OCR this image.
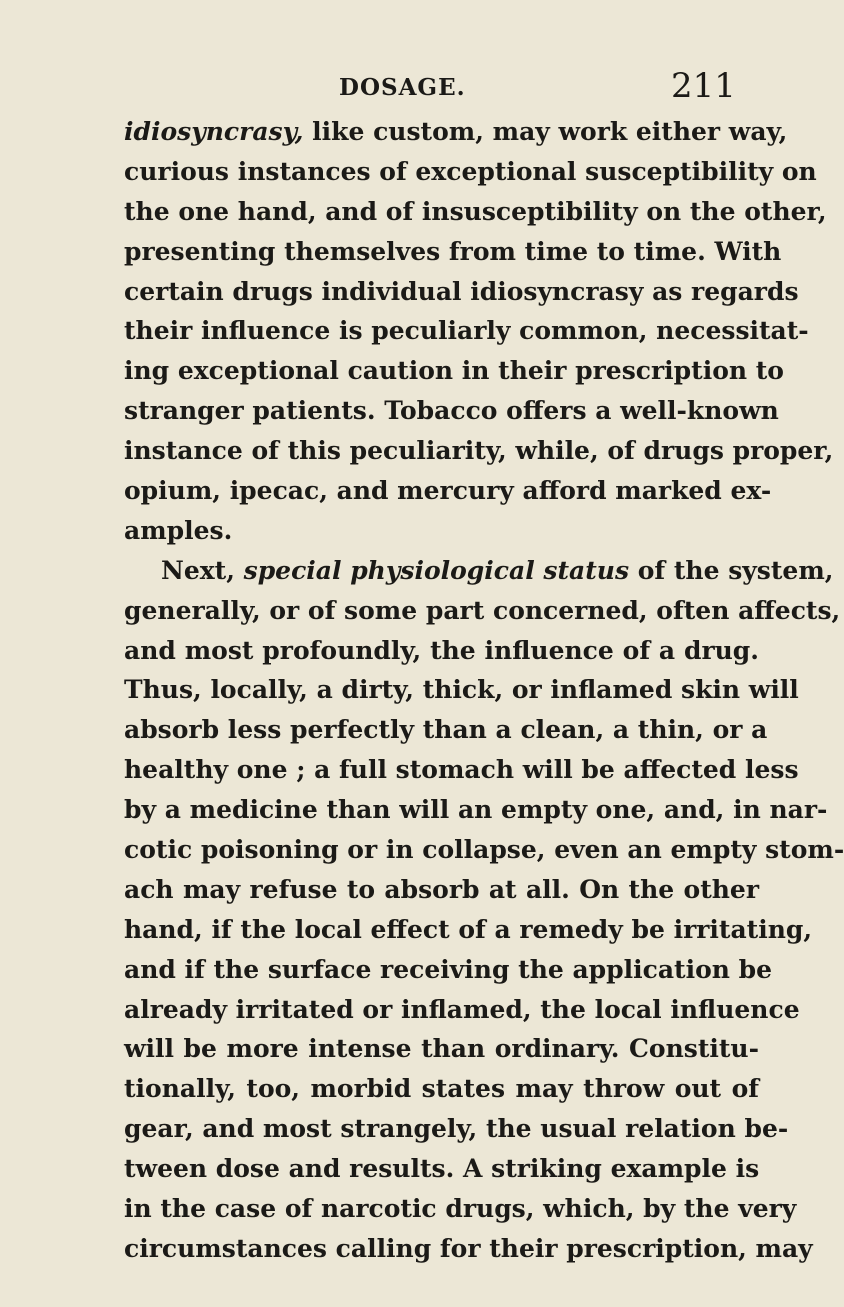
DOSAGE.	211
idiosyncrasy, like custom, may work either way,
curious instances of exceptional susceptibility on
the one hand, and of insusceptibility on the other,
presenting themselves from time to time. With
certain drugs individual idiosyncrasy as regards
their influence is peculiarly common, necessitat-
ing exceptional caution in their prescription to
stranger patients. Tobacco offers a well-known
instance of this peculiarity, while, of drugs proper,
opium, ipecac, and mercury afford marked ex-
amples.
Next, special physiological status of the system,
generally, or of some part concerned, often affects,
and most profoundly, the influence of a drug.
Thus, locally, a dirty, thick, or inflamed skin will
absorb less perfectly than a clean, a thin, or a
healthy one ; a full stomach will be affected less
by a medicine than will an empty one, and, in nar-
cotic poisoning or in collapse, even an empty stom-
ach may refuse to absorb at all. On the other
hand, if the local effect of a remedy be irritating,
and if the surface receiving the application be
already irritated or inflamed, the local influence
will be more intense than ordinary. Constitu-
tionally, too, morbid states may throw out of
gear, and most strangely, the usual relation be-
tween dose and results. A striking example is
in the case of narcotic drugs, which, by the very
circumstances calling for their prescription, may
